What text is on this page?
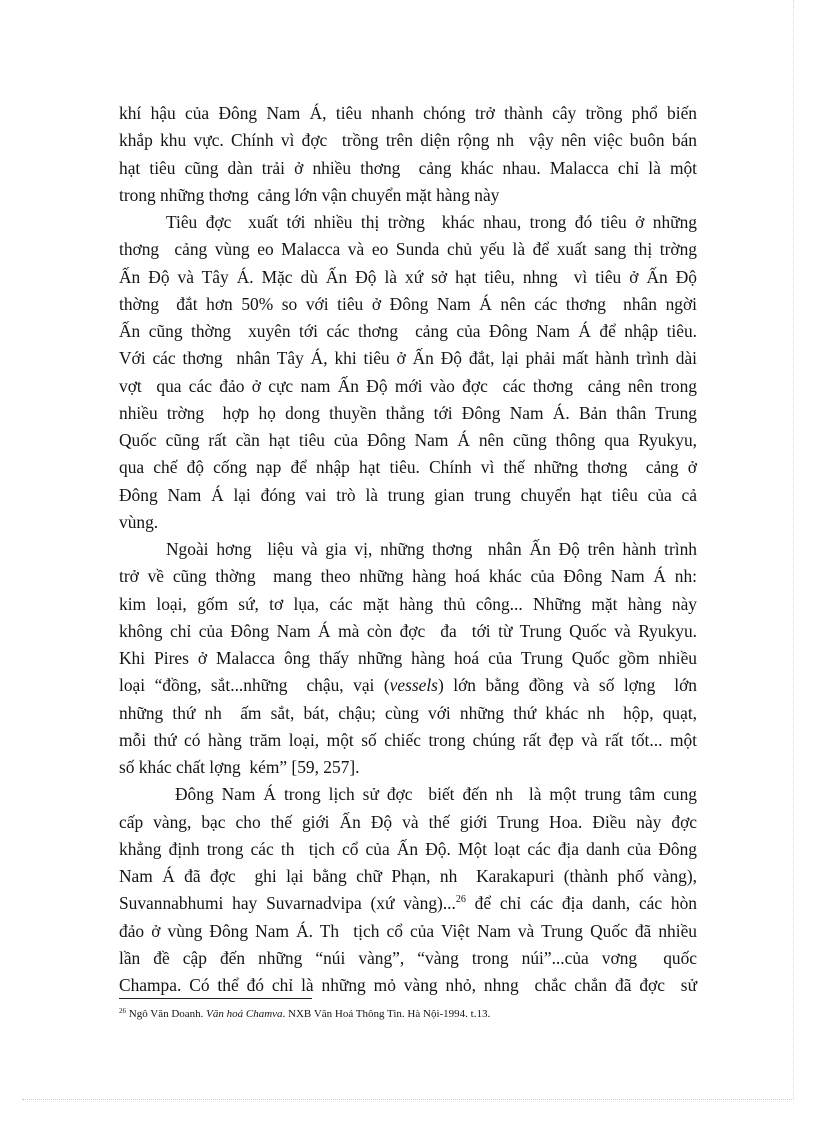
khí hậu của Đông Nam Á, tiêu nhanh chóng trở thành cây trồng phổ biến
khắp khu vực. Chính vì đợc  trồng trên diện rộng nh  vậy nên việc buôn bán
hạt tiêu cũng dàn trải ở nhiều thơng  cảng khác nhau. Malacca chỉ là một
trong những thơng  cảng lớn vận chuyển mặt hàng này
Tiêu đợc  xuất tới nhiều thị trờng  khác nhau, trong đó tiêu ở những
thơng  cảng vùng eo Malacca và eo Sunda chủ yếu là để xuất sang thị trờng
Ấn Độ và Tây Á. Mặc dù Ấn Độ là xứ sở hạt tiêu, nhng  vì tiêu ở Ấn Độ
thờng  đắt hơn 50% so với tiêu ở Đông Nam Á nên các thơng  nhân ngời
Ấn cũng thờng  xuyên tới các thơng  cảng của Đông Nam Á để nhập tiêu.
Với các thơng  nhân Tây Á, khi tiêu ở Ấn Độ đắt, lại phải mất hành trình dài
vợt  qua các đảo ở cực nam Ấn Độ mới vào đợc  các thơng  cảng nên trong
nhiều trờng  hợp họ dong thuyền thẳng tới Đông Nam Á. Bản thân Trung
Quốc cũng rất cần hạt tiêu của Đông Nam Á nên cũng thông qua Ryukyu,
qua chế độ cống nạp để nhập hạt tiêu. Chính vì thế những thơng  cảng ở
Đông Nam Á lại đóng vai trò là trung gian trung chuyển hạt tiêu của cả
vùng.
Ngoài hơng  liệu và gia vị, những thơng  nhân Ấn Độ trên hành trình
trở về cũng thờng  mang theo những hàng hoá khác của Đông Nam Á nh:
kim loại, gốm sứ, tơ lụa, các mặt hàng thủ công... Những mặt hàng này
không chỉ của Đông Nam Á mà còn đợc  đa  tới từ Trung Quốc và Ryukyu.
Khi Pires ở Malacca ông thấy những hàng hoá của Trung Quốc gồm nhiều
loại “đồng, sắt...những  chậu, vại (vessels) lớn bằng đồng và số lợng  lớn
những thứ nh  ấm sắt, bát, chậu; cùng với những thứ khác nh  hộp, quạt,
mỗi thứ có hàng trăm loại, một số chiếc trong chúng rất đẹp và rất tốt... một
số khác chất lợng  kém” [59, 257].
Đông Nam Á trong lịch sử đợc  biết đến nh  là một trung tâm cung
cấp vàng, bạc cho thế giới Ấn Độ và thế giới Trung Hoa. Điều này đợc
khẳng định trong các th  tịch cổ của Ấn Độ. Một loạt các địa danh của Đông
Nam Á đã đợc  ghi lại bằng chữ Phạn, nh  Karakapuri (thành phố vàng),
Suvannabhumi hay Suvarnadvipa (xứ vàng)...$^{26}$ để chỉ các địa danh, các hòn
đảo ở vùng Đông Nam Á. Th  tịch cổ của Việt Nam và Trung Quốc đã nhiều
lần đề cập đến những “núi vàng”, “vàng trong núi”...của vơng  quốc
Champa. Có thể đó chỉ là những mỏ vàng nhỏ, nhng  chắc chắn đã đợc  sử
$^{26}$ Ngô Văn Doanh. Văn hoá Chamva. NXB Văn Hoá Thông Tin. Hà Nội-1994. t.13.
